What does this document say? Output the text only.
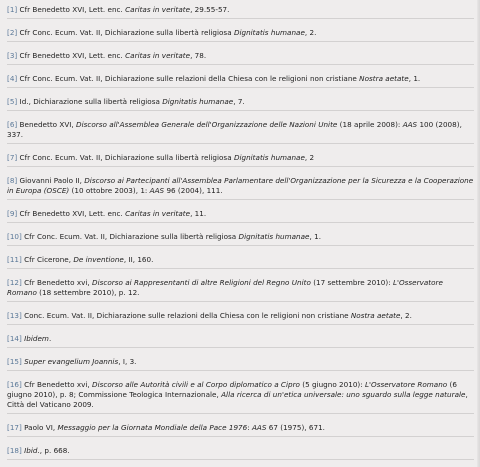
[1] Cfr Benedetto XVI, Lett. enc. Caritas in veritate, 29.55-57.

[2] Cfr Conc. Ecum. Vat. II, Dichiarazione sulla libertà religiosa Dignitatis humanae, 2.

[3] Cfr Benedetto XVI, Lett. enc. Caritas in veritate, 78.

[4] Cfr Conc. Ecum. Vat. II, Dichiarazione sulle relazioni della Chiesa con le religioni non cristiane Nostra aetate, 1.

[5] Id., Dichiarazione sulla libertà religiosa Dignitatis humanae, 7.

[6] Benedetto XVI, Discorso all'Assemblea Generale dell'Organizzazione delle Nazioni Unite (18 aprile 2008): AAS 100 (2008), 337.

[7] Cfr Conc. Ecum. Vat. II, Dichiarazione sulla libertà religiosa Dignitatis humanae, 2

[8] Giovanni Paolo II, Discorso ai Partecipanti all'Assemblea Parlamentare dell'Organizzazione per la Sicurezza e la Cooperazione in Europa (OSCE) (10 ottobre 2003), 1: AAS 96 (2004), 111.

[9] Cfr Benedetto XVI, Lett. enc. Caritas in veritate, 11.

[10] Cfr Conc. Ecum. Vat. II, Dichiarazione sulla libertà religiosa Dignitatis humanae, 1.

[11] Cfr Cicerone, De inventione, II, 160.

[12] Cfr Benedetto xvi, Discorso ai Rappresentanti di altre Religioni del Regno Unito (17 settembre 2010): L'Osservatore Romano (18 settembre 2010), p. 12.

[13] Conc. Ecum. Vat. II, Dichiarazione sulle relazioni della Chiesa con le religioni non cristiane Nostra aetate, 2.

[14] Ibidem.

[15] Super evangelium Joannis, I, 3.

[16] Cfr Benedetto xvi, Discorso alle Autorità civili e al Corpo diplomatico a Cipro (5 giugno 2010): L'Osservatore Romano (6 giugno 2010), p. 8; Commissione Teologica Internazionale, Alla ricerca di un'etica universale: uno sguardo sulla legge naturale, Città del Vaticano 2009.

[17] Paolo VI, Messaggio per la Giornata Mondiale della Pace 1976: AAS 67 (1975), 671.

[18] Ibid., p. 668.
